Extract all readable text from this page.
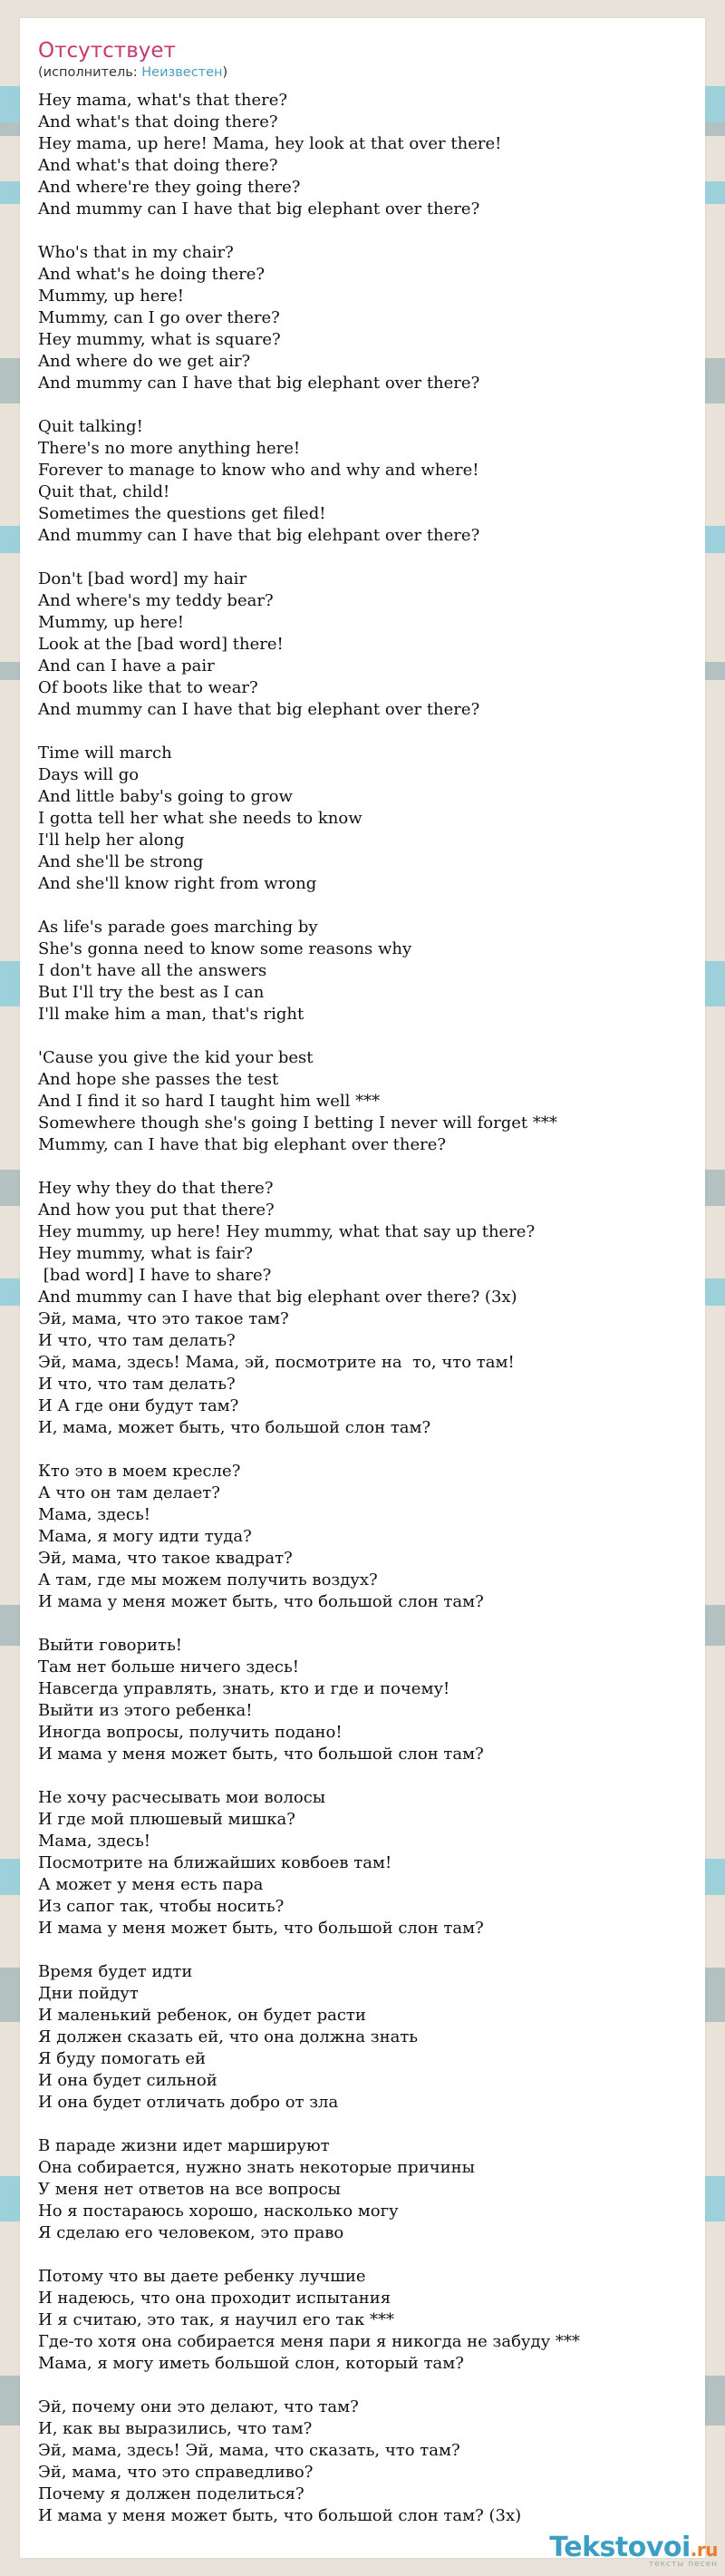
Отсутствует
(исполнитель: Неизвестен)
Hey mama, what's that there?
And what's that doing there?
Hey mama, up here! Mama, hey look at that over there!
And what's that doing there?
And where're they going there?
And mummy can I have that big elephant over there?

Who's that in my chair?
And what's he doing there?
Mummy, up here!
Mummy, can I go over there?
Hey mummy, what is square?
And where do we get air?
And mummy can I have that big elephant over there?

Quit talking!
There's no more anything here!
Forever to manage to know who and why and where!
Quit that, child!
Sometimes the questions get filed!
And mummy can I have that big elehpant over there?

Don't [bad word] my hair
And where's my teddy bear?
Mummy, up here!
Look at the [bad word] there!
And can I have a pair
Of boots like that to wear?
And mummy can I have that big elephant over there?

Time will march
Days will go
And little baby's going to grow
I gotta tell her what she needs to know
I'll help her along
And she'll be strong
And she'll know right from wrong

As life's parade goes marching by
She's gonna need to know some reasons why
I don't have all the answers
But I'll try the best as I can
I'll make him a man, that's right

'Cause you give the kid your best
And hope she passes the test
And I find it so hard I taught him well ***
Somewhere though she's going I betting I never will forget ***
Mummy, can I have that big elephant over there?

Hey why they do that there?
And how you put that there?
Hey mummy, up here! Hey mummy, what that say up there?
Hey mummy, what is fair?
[bad word] I have to share?
And mummy can I have that big elephant over there? (3x)
Эй, мама, что это такое там?
И что, что там делать?
Эй, мама, здесь! Мама, эй, посмотрите на  то, что там!
И что, что там делать?
И А где они будут там?
И, мама, может быть, что большой слон там?

Кто это в моем кресле?
А что он там делает?
Мама, здесь!
Мама, я могу идти туда?
Эй, мама, что такое квадрат?
А там, где мы можем получить воздух?
И мама у меня может быть, что большой слон там?

Выйти говорить!
Там нет больше ничего здесь!
Навсегда управлять, знать, кто и где и почему!
Выйти из этого ребенка!
Иногда вопросы, получить подано!
И мама у меня может быть, что большой слон там?

Не хочу расчесывать мои волосы
И где мой плюшевый мишка?
Мама, здесь!
Посмотрите на ближайших ковбоев там!
А может у меня есть пара
Из сапог так, чтобы носить?
И мама у меня может быть, что большой слон там?

Время будет идти
Дни пойдут
И маленький ребенок, он будет расти
Я должен сказать ей, что она должна знать
Я буду помогать ей
И она будет сильной
И она будет отличать добро от зла

В параде жизни идет маршируют
Она собирается, нужно знать некоторые причины
У меня нет ответов на все вопросы
Но я постараюсь хорошо, насколько могу
Я сделаю его человеком, это право

Потому что вы даете ребенку лучшие
И надеюсь, что она проходит испытания
И я считаю, это так, я научил его так ***
Где-то хотя она собирается меня пари я никогда не забуду ***
Мама, я могу иметь большой слон, который там?

Эй, почему они это делают, что там?
И, как вы выразились, что там?
Эй, мама, здесь! Эй, мама, что сказать, что там?
Эй, мама, что это справедливо?
Почему я должен поделиться?
И мама у меня может быть, что большой слон там? (3x)
Tekstovoi.ru
тексты песен
